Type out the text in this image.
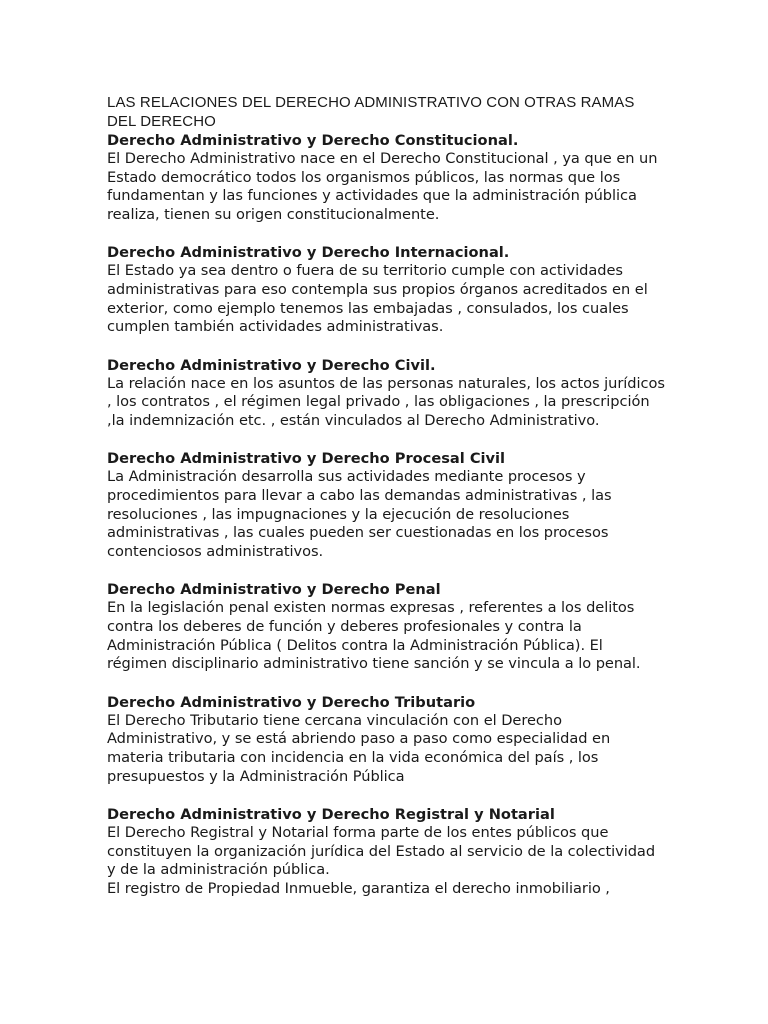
LAS RELACIONES DEL DERECHO ADMINISTRATIVO CON OTRAS RAMAS DEL DERECHO
Derecho Administrativo y Derecho Constitucional.

El Derecho Administrativo nace en el Derecho Constitucional , ya que en un Estado democrático todos los organismos públicos, las normas que los fundamentan y las funciones y actividades que la administración pública realiza, tienen su origen constitucionalmente.

Derecho Administrativo y Derecho Internacional.

El Estado ya sea dentro o fuera de su territorio cumple con actividades administrativas para eso contempla sus propios órganos acreditados en el exterior, como ejemplo tenemos las embajadas , consulados, los cuales cumplen también actividades administrativas.

Derecho Administrativo y Derecho Civil.

La relación nace en los asuntos de las personas naturales, los actos jurídicos , los contratos , el régimen legal privado , las obligaciones , la prescripción ,la indemnización etc. , están vinculados al Derecho Administrativo.

Derecho Administrativo y Derecho Procesal Civil

La Administración desarrolla sus actividades mediante procesos y procedimientos para llevar a cabo las demandas administrativas , las resoluciones , las impugnaciones y la ejecución de resoluciones administrativas , las cuales pueden ser cuestionadas en los procesos contenciosos administrativos.

Derecho Administrativo y Derecho Penal

En la legislación penal existen normas expresas , referentes a los delitos contra los deberes de función y deberes profesionales y contra la Administración Pública ( Delitos contra la Administración Pública). El régimen disciplinario administrativo tiene sanción y se vincula a lo penal.

Derecho Administrativo y Derecho Tributario

El Derecho Tributario tiene cercana vinculación con el Derecho Administrativo, y se está abriendo paso a paso como especialidad en materia tributaria con incidencia en la vida económica del país , los presupuestos y la Administración Pública

Derecho Administrativo y Derecho Registral y Notarial

El Derecho Registral y Notarial forma parte de los entes públicos que constituyen la organización jurídica del Estado al servicio de la colectividad y de la administración pública.

El registro de Propiedad Inmueble, garantiza el derecho inmobiliario ,
